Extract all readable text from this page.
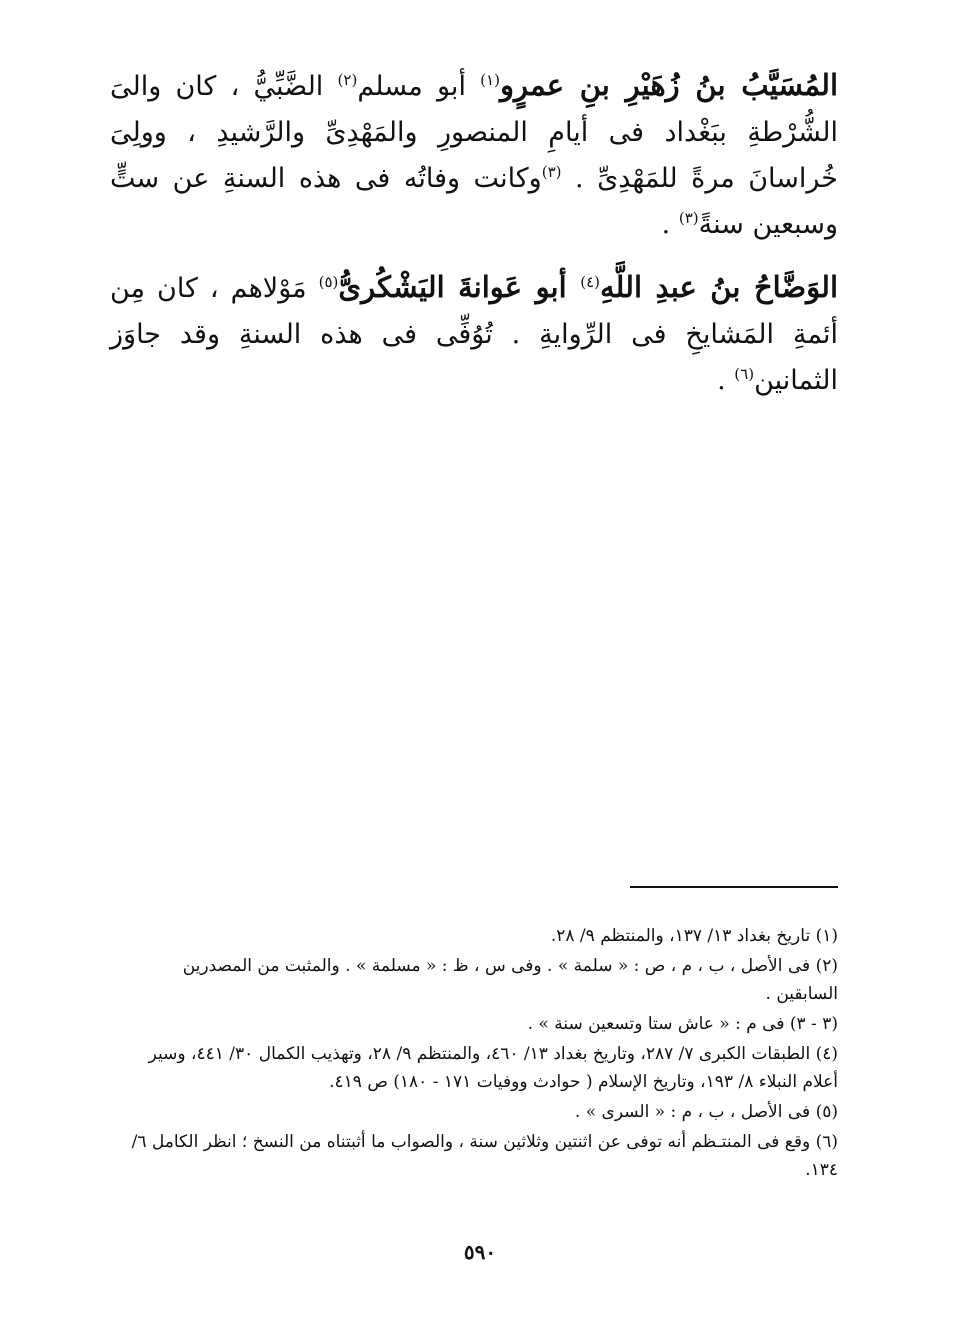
المُسَيَّبُ بنُ زُهَيْرِ بنِ عمرٍو$^{(١)}$ أبو مسلم$^{(٢)}$ الضَّبِّيُّ ، كان والىَ الشُّرْطةِ ببَغْداد فى أيامِ المنصورِ والمَهْدِىِّ والرَّشيدِ ، وولِىَ خُراسانَ مرةً للمَهْدِىِّ . $^{(٣)}$وكانت وفاتُه فى هذه السنةِ عن ستٍّ وسبعين سنةً$^{(٣)}$ .

الوَضَّاحُ بنُ عبدِ اللَّهِ$^{(٤)}$ أبو عَوانةَ اليَشْكُرىُّ$^{(٥)}$ مَوْلاهم ، كان مِن أئمةِ المَشايخِ فى الرِّوايةِ . تُوُفِّى فى هذه السنةِ وقد جاوَز الثمانين$^{(٦)}$ .

(١) تاريخ بغداد ١٣/ ١٣٧، والمنتظم ٩/ ٢٨.
(٢) فى الأصل ، ب ، م ، ص : « سلمة » . وفى س ، ظ : « مسلمة » . والمثبت من المصدرين السابقين .
(٣ - ٣) فى م : « عاش ستا وتسعين سنة » .
(٤) الطبقات الكبرى ٧/ ٢٨٧، وتاريخ بغداد ١٣/ ٤٦٠، والمنتظم ٩/ ٢٨، وتهذيب الكمال ٣٠/ ٤٤١، وسير أعلام النبلاء ٨/ ١٩٣، وتاريخ الإسلام ( حوادث ووفيات ١٧١ - ١٨٠) ص ٤١٩.
(٥) فى الأصل ، ب ، م : « السرى » .
(٦) وقع فى المنتـظم أنه توفى عن اثنتين وثلاثين سنة ، والصواب ما أثبتناه من النسخ ؛ انظر الكامل ٦/ ١٣٤.
٥٩٠
